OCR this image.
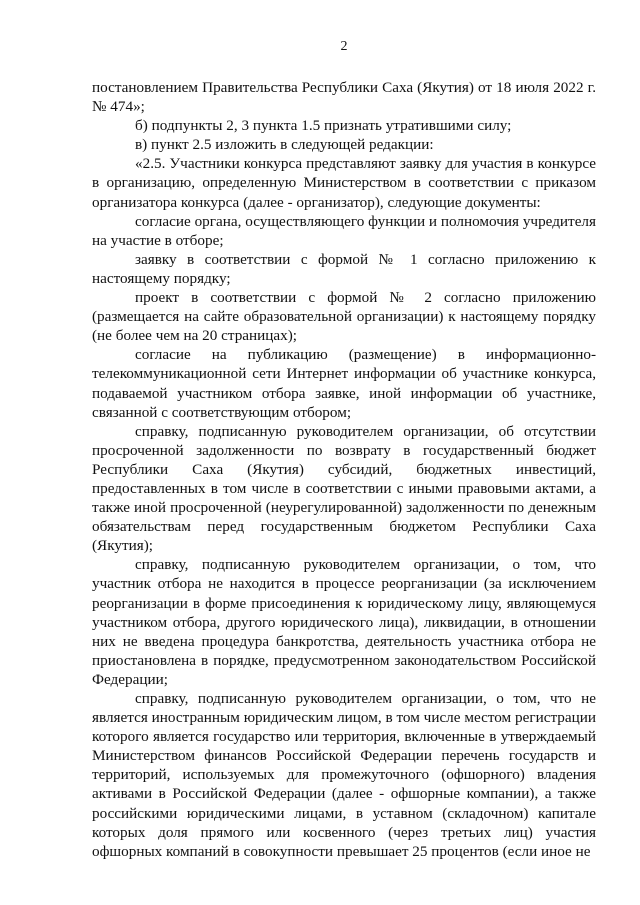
2

постановлением Правительства Республики Саха (Якутия) от 18 июля 2022 г. № 474»;

б) подпункты 2, 3 пункта 1.5 признать утратившими силу;

в) пункт 2.5 изложить в следующей редакции:

«2.5. Участники конкурса представляют заявку для участия в конкурсе в организацию, определенную Министерством в соответствии с приказом организатора конкурса (далее - организатор), следующие документы:

согласие органа, осуществляющего функции и полномочия учредителя на участие в отборе;

заявку в соответствии с формой № 1 согласно приложению к настоящему порядку;

проект в соответствии с формой № 2 согласно приложению (размещается на сайте образовательной организации) к настоящему порядку (не более чем на 20 страницах);

согласие на публикацию (размещение) в информационно-телекоммуникационной сети Интернет информации об участнике конкурса, подаваемой участником отбора заявке, иной информации об участнике, связанной с соответствующим отбором;

справку, подписанную руководителем организации, об отсутствии просроченной задолженности по возврату в государственный бюджет Республики Саха (Якутия) субсидий, бюджетных инвестиций, предоставленных в том числе в соответствии с иными правовыми актами, а также иной просроченной (неурегулированной) задолженности по денежным обязательствам перед государственным бюджетом Республики Саха (Якутия);

справку, подписанную руководителем организации, о том, что участник отбора не находится в процессе реорганизации (за исключением реорганизации в форме присоединения к юридическому лицу, являющемуся участником отбора, другого юридического лица), ликвидации, в отношении них не введена процедура банкротства, деятельность участника отбора не приостановлена в порядке, предусмотренном законодательством Российской Федерации;

справку, подписанную руководителем организации, о том, что не является иностранным юридическим лицом, в том числе местом регистрации которого является государство или территория, включенные в утверждаемый Министерством финансов Российской Федерации перечень государств и территорий, используемых для промежуточного (офшорного) владения активами в Российской Федерации (далее - офшорные компании), а также российскими юридическими лицами, в уставном (складочном) капитале которых доля прямого или косвенного (через третьих лиц) участия офшорных компаний в совокупности превышает 25 процентов (если иное не
